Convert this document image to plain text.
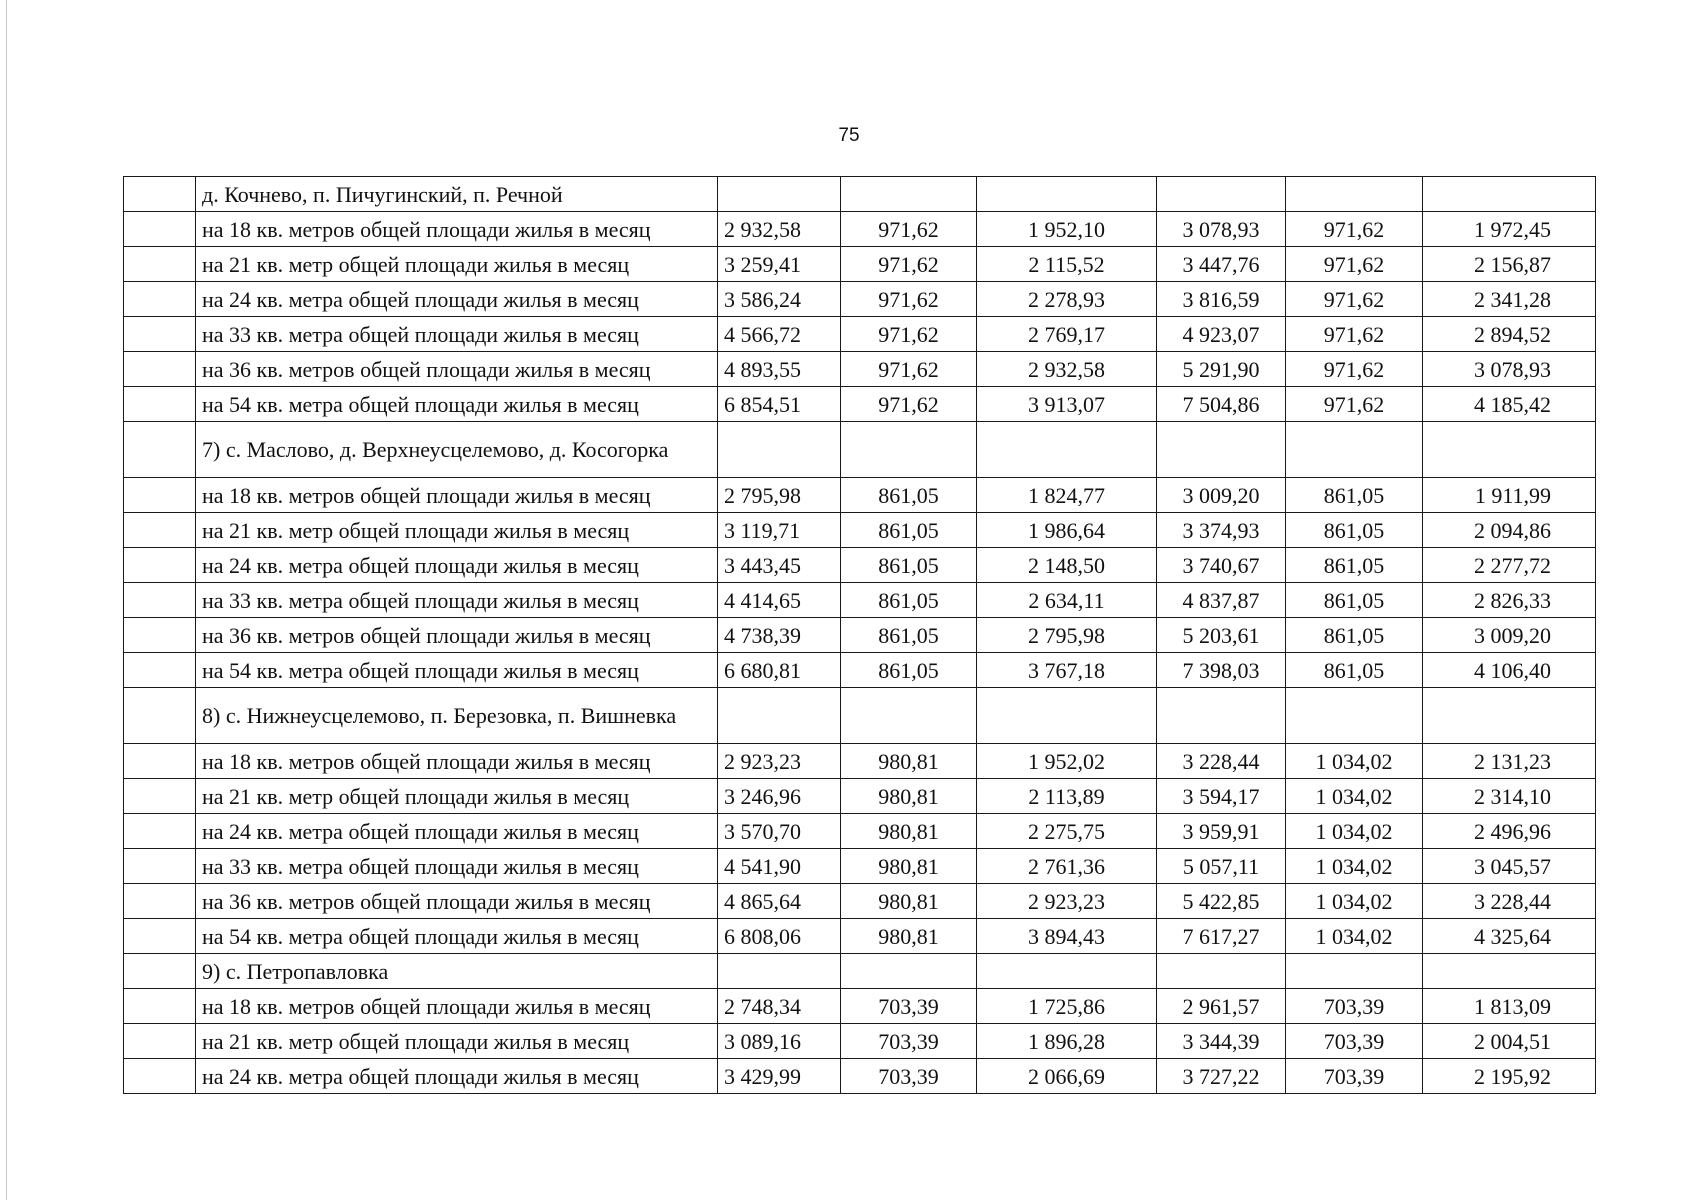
75
	д. Кочнево, п. Пичугинский, п. Речной						
	на 18 кв. метров общей площади жилья в месяц	2 932,58	971,62	1 952,10	3 078,93	971,62	1 972,45
	на 21 кв. метр общей площади жилья в месяц	3 259,41	971,62	2 115,52	3 447,76	971,62	2 156,87
	на 24 кв. метра общей площади жилья в месяц	3 586,24	971,62	2 278,93	3 816,59	971,62	2 341,28
	на 33 кв. метра общей площади жилья в месяц	4 566,72	971,62	2 769,17	4 923,07	971,62	2 894,52
	на 36 кв. метров общей площади жилья в месяц	4 893,55	971,62	2 932,58	5 291,90	971,62	3 078,93
	на 54 кв. метра общей площади жилья в месяц	6 854,51	971,62	3 913,07	7 504,86	971,62	4 185,42
	7) с. Маслово, д. Верхнеусцелемово, д. Косогорка						
	на 18 кв. метров общей площади жилья в месяц	2 795,98	861,05	1 824,77	3 009,20	861,05	1 911,99
	на 21 кв. метр общей площади жилья в месяц	3 119,71	861,05	1 986,64	3 374,93	861,05	2 094,86
	на 24 кв. метра общей площади жилья в месяц	3 443,45	861,05	2 148,50	3 740,67	861,05	2 277,72
	на 33 кв. метра общей площади жилья в месяц	4 414,65	861,05	2 634,11	4 837,87	861,05	2 826,33
	на 36 кв. метров общей площади жилья в месяц	4 738,39	861,05	2 795,98	5 203,61	861,05	3 009,20
	на 54 кв. метра общей площади жилья в месяц	6 680,81	861,05	3 767,18	7 398,03	861,05	4 106,40
	8) с. Нижнеусцелемово, п. Березовка, п. Вишневка						
	на 18 кв. метров общей площади жилья в месяц	2 923,23	980,81	1 952,02	3 228,44	1 034,02	2 131,23
	на 21 кв. метр общей площади жилья в месяц	3 246,96	980,81	2 113,89	3 594,17	1 034,02	2 314,10
	на 24 кв. метра общей площади жилья в месяц	3 570,70	980,81	2 275,75	3 959,91	1 034,02	2 496,96
	на 33 кв. метра общей площади жилья в месяц	4 541,90	980,81	2 761,36	5 057,11	1 034,02	3 045,57
	на 36 кв. метров общей площади жилья в месяц	4 865,64	980,81	2 923,23	5 422,85	1 034,02	3 228,44
	на 54 кв. метра общей площади жилья в месяц	6 808,06	980,81	3 894,43	7 617,27	1 034,02	4 325,64
	9) с. Петропавловка						
	на 18 кв. метров общей площади жилья в месяц	2 748,34	703,39	1 725,86	2 961,57	703,39	1 813,09
	на 21 кв. метр общей площади жилья в месяц	3 089,16	703,39	1 896,28	3 344,39	703,39	2 004,51
	на 24 кв. метра общей площади жилья в месяц	3 429,99	703,39	2 066,69	3 727,22	703,39	2 195,92
